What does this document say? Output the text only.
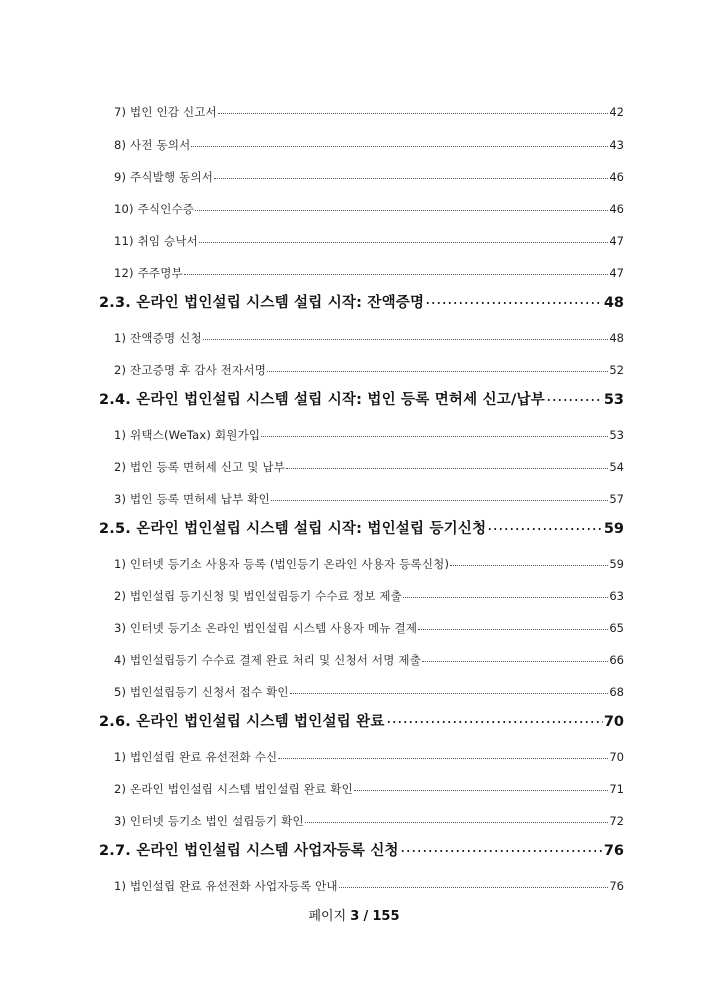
7) 법인 인감 신고서	42
8) 사전 동의서	43
9) 주식발행 동의서	46
10) 주식인수증	46
11) 취임 승낙서	47
12) 주주명부	47
2.3. 온라인 법인설립 시스템 설립 시작: 잔액증명	48
1) 잔액증명 신청	48
2) 잔고증명 후 감사 전자서명	52
2.4. 온라인 법인설립 시스템 설립 시작: 법인 등록 면허세 신고/납부	53
1) 위택스(WeTax) 회원가입	53
2) 법인 등록 면허세 신고 및 납부	54
3) 법인 등록 면허세 납부 확인	57
2.5. 온라인 법인설립 시스템 설립 시작: 법인설립 등기신청	59
1) 인터넷 등기소 사용자 등록 (법인등기 온라인 사용자 등록신청)	59
2) 법인설립 등기신청 및 법인설립등기 수수료 정보 제출	63
3) 인터넷 등기소 온라인 법인설립 시스템 사용자 메뉴 결제	65
4) 법인설립등기 수수료 결제 완료 처리 및 신청서 서명 제출	66
5) 법인설립등기 신청서 접수 확인	68
2.6. 온라인 법인설립 시스템 법인설립 완료	70
1) 법인설립 완료 유선전화 수신	70
2) 온라인 법인설립 시스템 법인설립 완료 확인	71
3) 인터넷 등기소 법인 설립등기 확인	72
2.7. 온라인 법인설립 시스템 사업자등록 신청	76
1) 법인설립 완료 유선전화 사업자등록 안내	76
페이지 3 / 155
